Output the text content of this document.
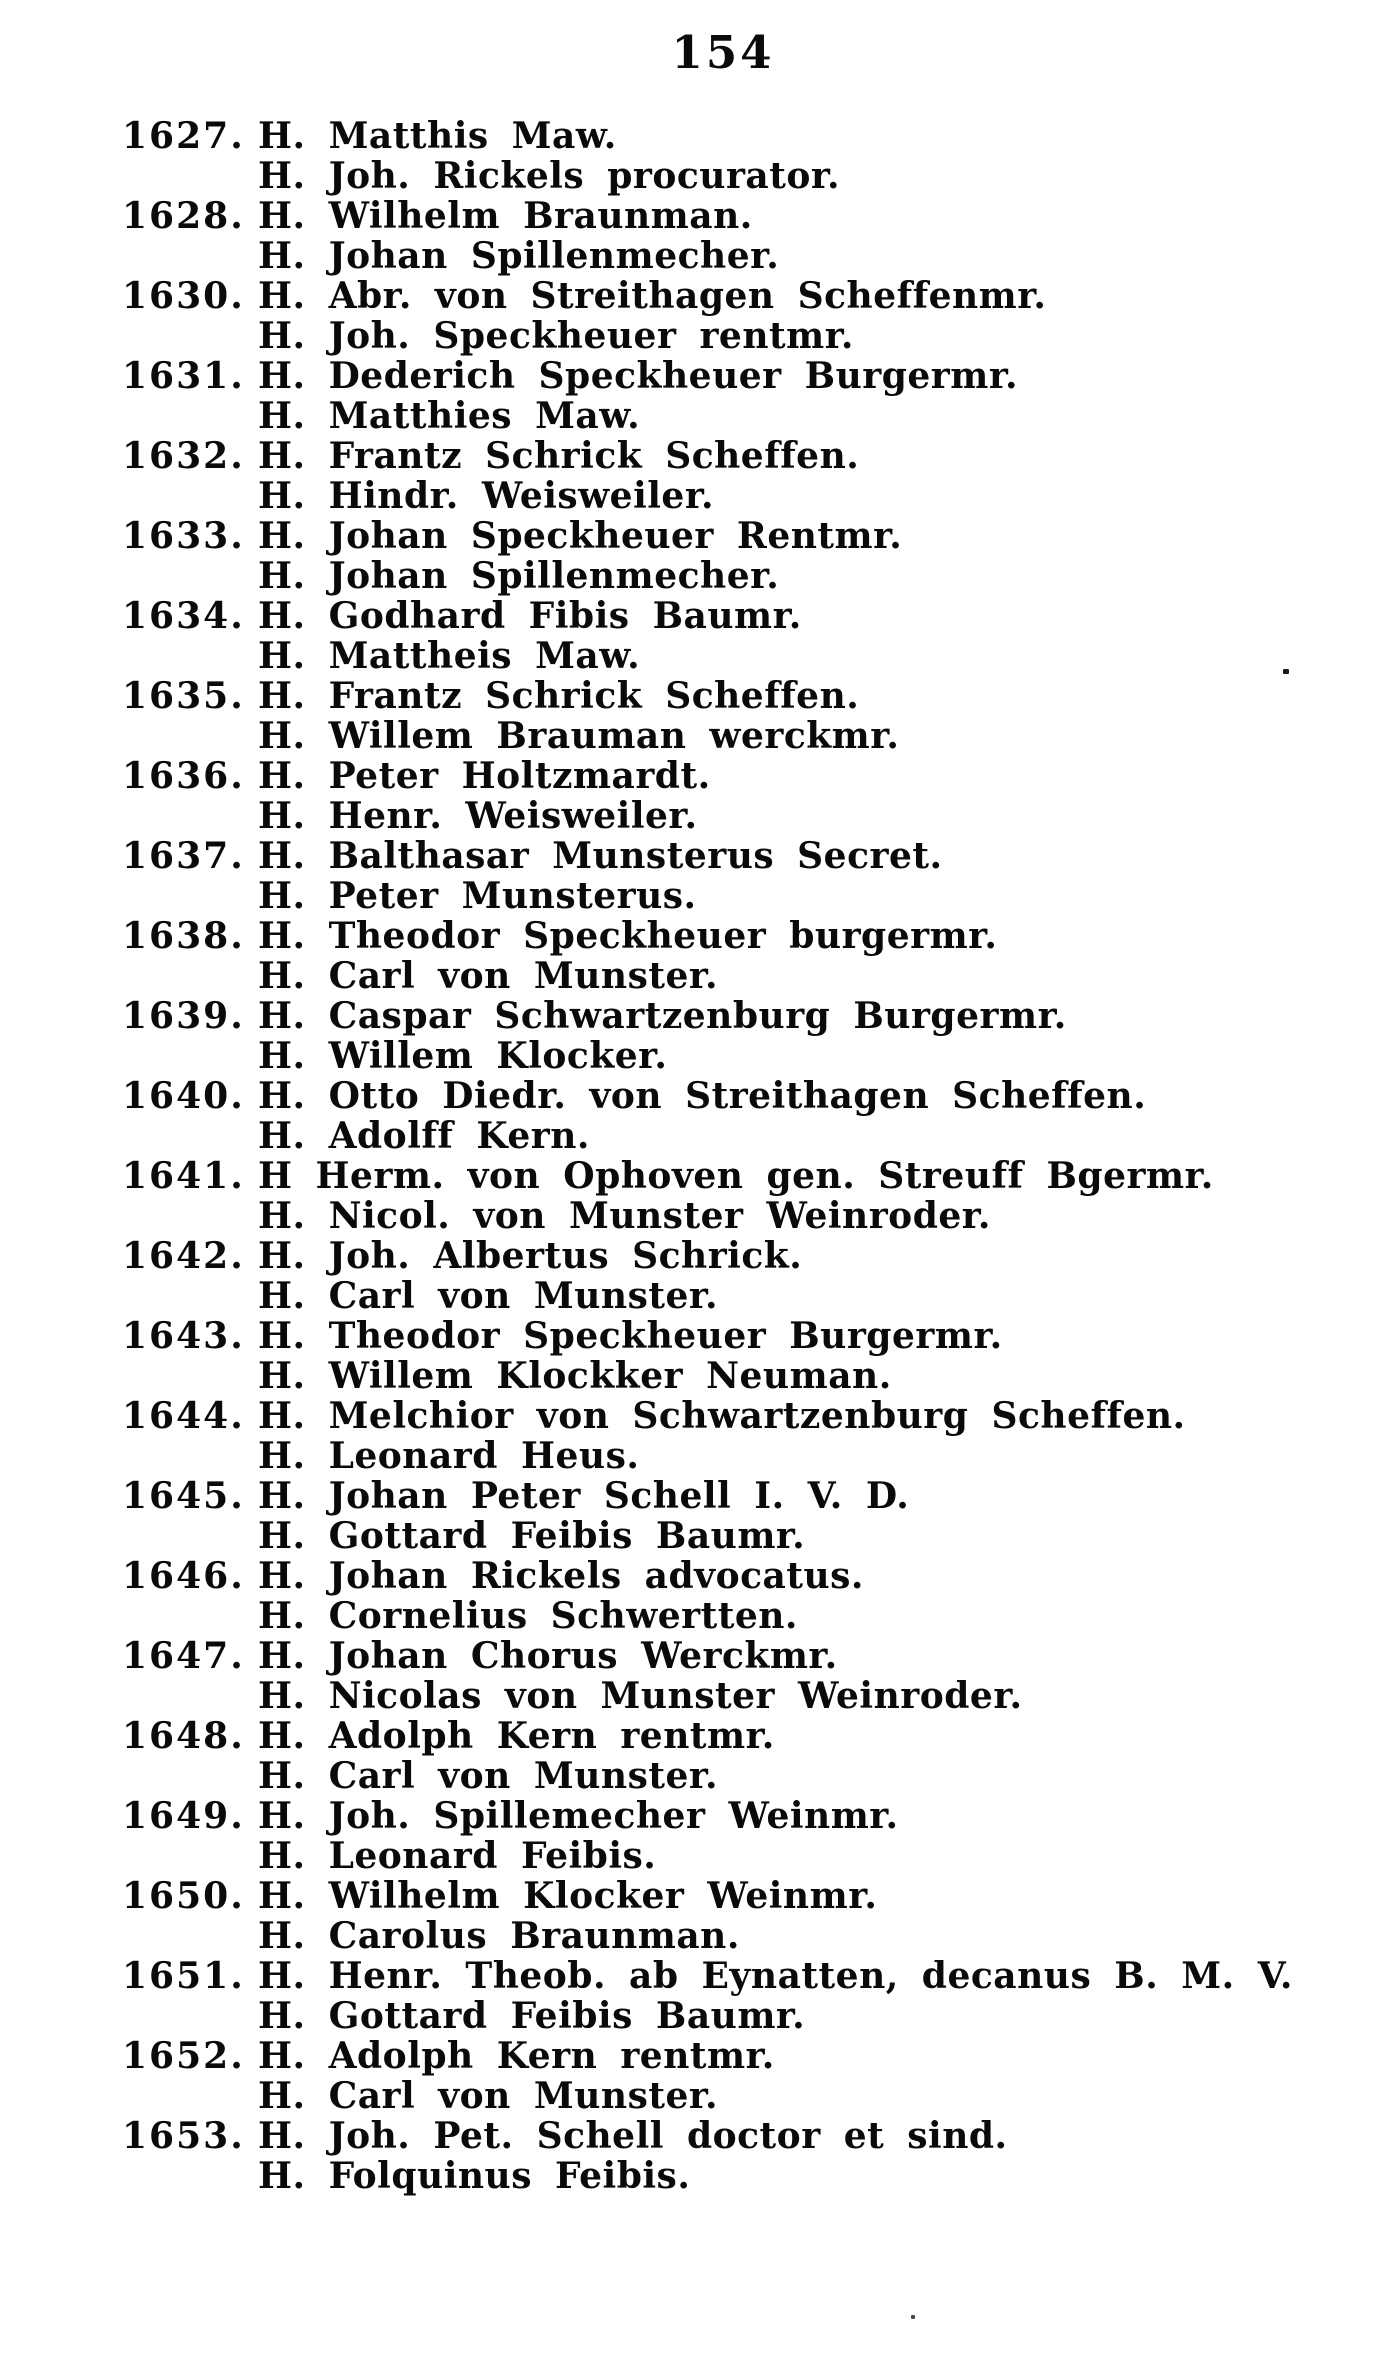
154
1627. H. Matthis Maw.
H. Joh. Rickels procurator.
1628. H. Wilhelm Braunman.
H. Johan Spillenmecher.
1630. H. Abr. von Streithagen Scheffenmr.
H. Joh. Speckheuer rentmr.
1631. H. Dederich Speckheuer Burgermr.
H. Matthies Maw.
1632. H. Frantz Schrick Scheffen.
H. Hindr. Weisweiler.
1633. H. Johan Speckheuer Rentmr.
H. Johan Spillenmecher.
1634. H. Godhard Fibis Baumr.
H. Mattheis Maw.
1635. H. Frantz Schrick Scheffen.
H. Willem Brauman werckmr.
1636. H. Peter Holtzmardt.
H. Henr. Weisweiler.
1637. H. Balthasar Munsterus Secret.
H. Peter Munsterus.
1638. H. Theodor Speckheuer burgermr.
H. Carl von Munster.
1639. H. Caspar Schwartzenburg Burgermr.
H. Willem Klocker.
1640. H. Otto Diedr. von Streithagen Scheffen.
H. Adolff Kern.
1641. H Herm. von Ophoven gen. Streuff Bgermr.
H. Nicol. von Munster Weinroder.
1642. H. Joh. Albertus Schrick.
H. Carl von Munster.
1643. H. Theodor Speckheuer Burgermr.
H. Willem Klockker Neuman.
1644. H. Melchior von Schwartzenburg Scheffen.
H. Leonard Heus.
1645. H. Johan Peter Schell I. V. D.
H. Gottard Feibis Baumr.
1646. H. Johan Rickels advocatus.
H. Cornelius Schwertten.
1647. H. Johan Chorus Werckmr.
H. Nicolas von Munster Weinroder.
1648. H. Adolph Kern rentmr.
H. Carl von Munster.
1649. H. Joh. Spillemecher Weinmr.
H. Leonard Feibis.
1650. H. Wilhelm Klocker Weinmr.
H. Carolus Braunman.
1651. H. Henr. Theob. ab Eynatten, decanus B. M. V.
H. Gottard Feibis Baumr.
1652. H. Adolph Kern rentmr.
H. Carl von Munster.
1653. H. Joh. Pet. Schell doctor et sind.
H. Folquinus Feibis.
